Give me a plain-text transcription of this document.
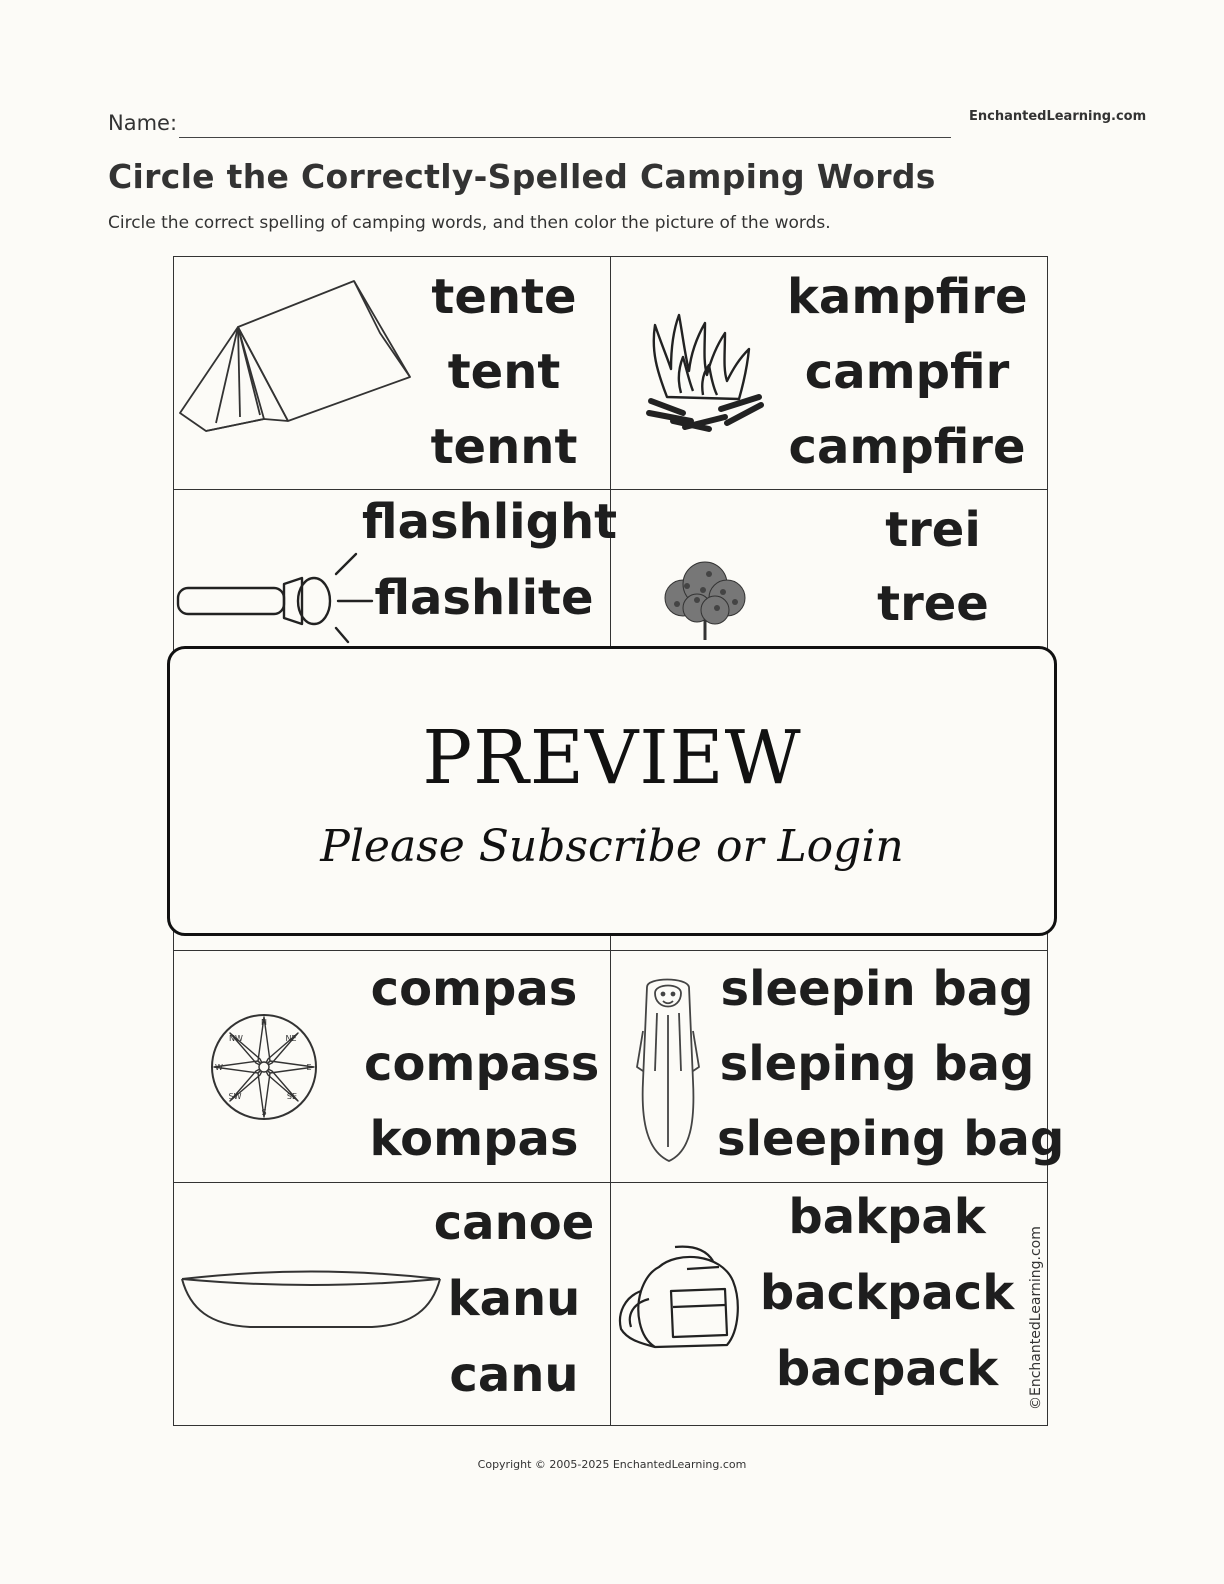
Name:	EnchantedLearning.com
Circle the Correctly-Spelled Camping Words
Circle the correct spelling of camping words, and then color the picture of the words.
tente
tent
tennt
kampfire
campfir
campfire
flashlight
flashlite
trei
tree
N
NE
E
SE
S
SW
W
NW
compas
compass
kompas
sleepin bag
sleping bag
sleeping bag
canoe
kanu
canu
bakpak
backpack
bacpack	©EnchantedLearning.com
PREVIEW
Please Subscribe or Login
Copyright © 2005-2025 EnchantedLearning.com
